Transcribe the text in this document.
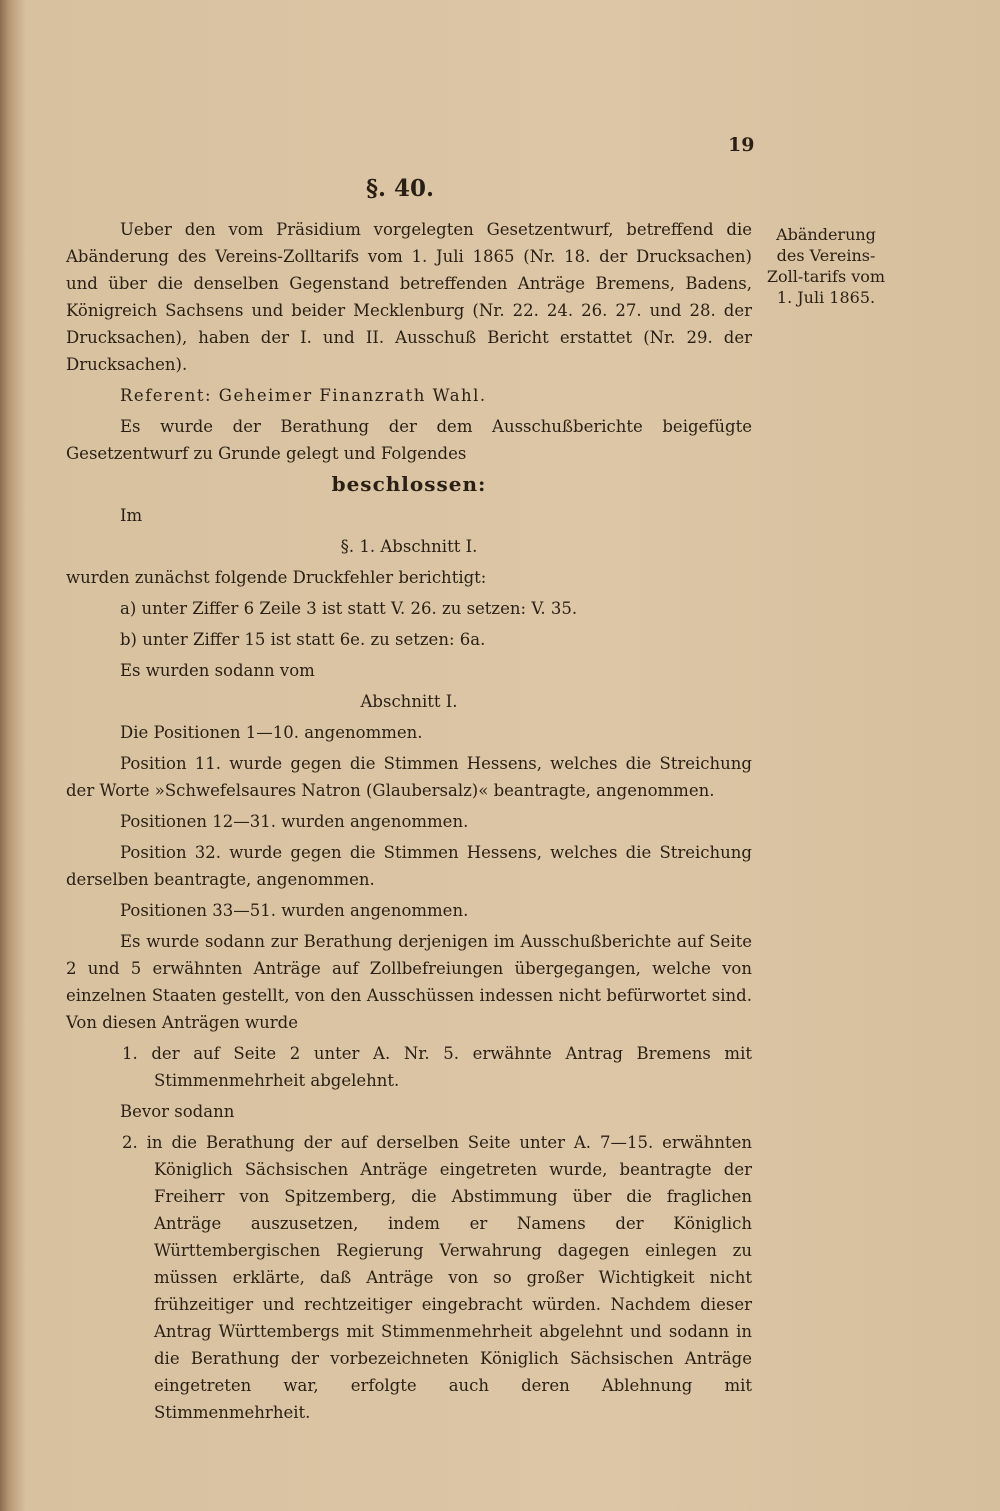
19
§. 40.
Abänderung des Vereins-Zoll-tarifs vom 1. Juli 1865.

Ueber den vom Präsidium vorgelegten Gesetzentwurf, betreffend die Abänderung des Vereins-Zolltarifs vom 1. Juli 1865 (Nr. 18. der Drucksachen) und über die denselben Gegenstand betreffenden Anträge Bremens, Badens, Königreich Sachsens und beider Mecklenburg (Nr. 22. 24. 26. 27. und 28. der Drucksachen), haben der I. und II. Ausschuß Bericht erstattet (Nr. 29. der Drucksachen).

Referent: Geheimer Finanzrath Wahl.

Es wurde der Berathung der dem Ausschußberichte beigefügte Gesetzentwurf zu Grunde gelegt und Folgendes

beschlossen:

Im

§. 1. Abschnitt I.

wurden zunächst folgende Druckfehler berichtigt:

a) unter Ziffer 6 Zeile 3 ist statt V. 26. zu setzen: V. 35.

b) unter Ziffer 15 ist statt 6e. zu setzen: 6a.

Es wurden sodann vom

Abschnitt I.

Die Positionen 1—10. angenommen.

Position 11. wurde gegen die Stimmen Hessens, welches die Streichung der Worte »Schwefelsaures Natron (Glaubersalz)« beantragte, angenommen.

Positionen 12—31. wurden angenommen.

Position 32. wurde gegen die Stimmen Hessens, welches die Streichung derselben beantragte, angenommen.

Positionen 33—51. wurden angenommen.

Es wurde sodann zur Berathung derjenigen im Ausschußberichte auf Seite 2 und 5 erwähnten Anträge auf Zollbefreiungen übergegangen, welche von einzelnen Staaten gestellt, von den Ausschüssen indessen nicht befürwortet sind. Von diesen Anträgen wurde

1. der auf Seite 2 unter A. Nr. 5. erwähnte Antrag Bremens mit Stimmenmehrheit abgelehnt.

Bevor sodann

2. in die Berathung der auf derselben Seite unter A. 7—15. erwähnten Königlich Sächsischen Anträge eingetreten wurde, beantragte der Freiherr von Spitzemberg, die Abstimmung über die fraglichen Anträge auszusetzen, indem er Namens der Königlich Württembergischen Regierung Verwahrung dagegen einlegen zu müssen erklärte, daß Anträge von so großer Wichtigkeit nicht frühzeitiger und rechtzeitiger eingebracht würden. Nachdem dieser Antrag Württembergs mit Stimmenmehrheit abgelehnt und sodann in die Berathung der vorbezeichneten Königlich Sächsischen Anträge eingetreten war, erfolgte auch deren Ablehnung mit Stimmenmehrheit.
